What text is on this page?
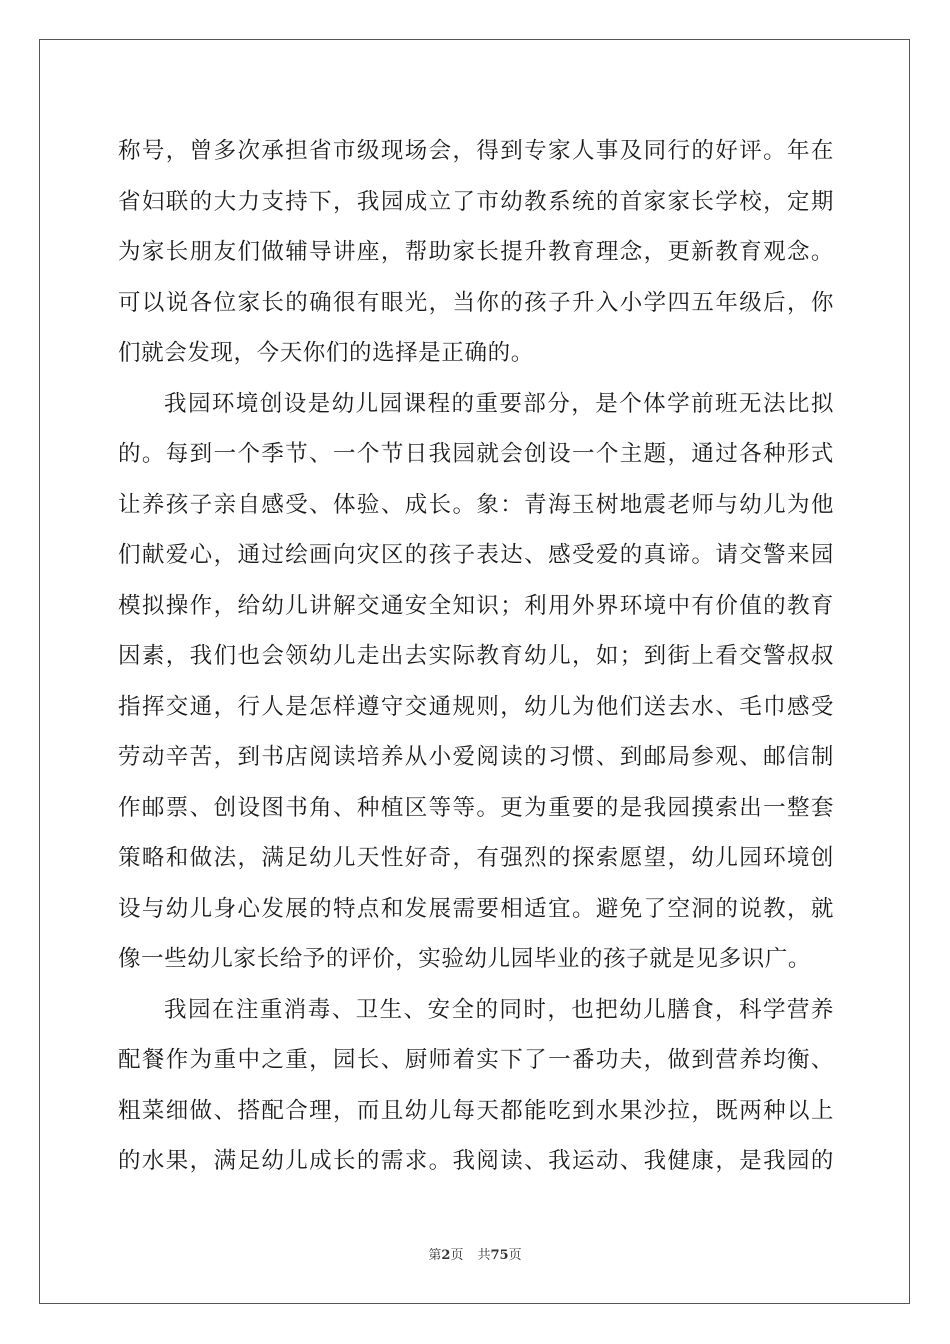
称号，曾多次承担省市级现场会，得到专家人事及同行的好评。年在
省妇联的大力支持下，我园成立了市幼教系统的首家家长学校，定期
为家长朋友们做辅导讲座，帮助家长提升教育理念，更新教育观念。
可以说各位家长的确很有眼光，当你的孩子升入小学四五年级后，你
们就会发现，今天你们的选择是正确的。
我园环境创设是幼儿园课程的重要部分，是个体学前班无法比拟
的。每到一个季节、一个节日我园就会创设一个主题，通过各种形式
让养孩子亲自感受、体验、成长。象：青海玉树地震老师与幼儿为他
们献爱心，通过绘画向灾区的孩子表达、感受爱的真谛。请交警来园
模拟操作，给幼儿讲解交通安全知识；利用外界环境中有价值的教育
因素，我们也会领幼儿走出去实际教育幼儿，如；到街上看交警叔叔
指挥交通，行人是怎样遵守交通规则，幼儿为他们送去水、毛巾感受
劳动辛苦，到书店阅读培养从小爱阅读的习惯、到邮局参观、邮信制
作邮票、创设图书角、种植区等等。更为重要的是我园摸索出一整套
策略和做法，满足幼儿天性好奇，有强烈的探索愿望，幼儿园环境创
设与幼儿身心发展的特点和发展需要相适宜。避免了空洞的说教，就
像一些幼儿家长给予的评价，实验幼儿园毕业的孩子就是见多识广。
我园在注重消毒、卫生、安全的同时，也把幼儿膳食，科学营养
配餐作为重中之重，园长、厨师着实下了一番功夫，做到营养均衡、
粗菜细做、搭配合理，而且幼儿每天都能吃到水果沙拉，既两种以上
的水果，满足幼儿成长的需求。我阅读、我运动、我健康，是我园的
第2页 共75页
